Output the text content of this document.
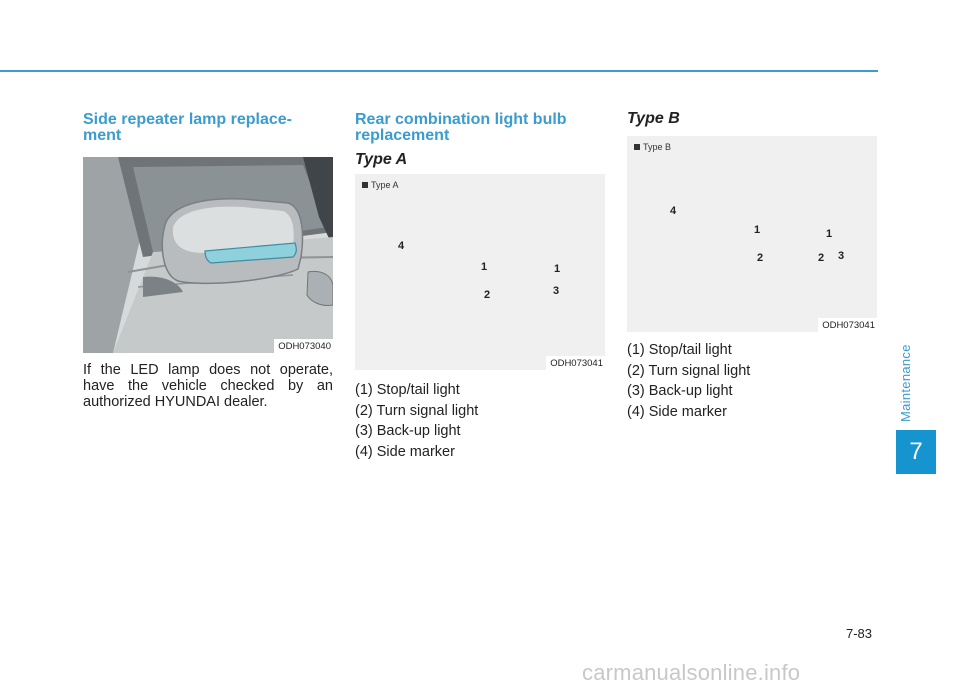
Side repeater lamp replace-
ment
ODH073040

If the LED lamp does not operate, have the vehicle checked by an authorized HYUNDAI dealer.

Rear combination light bulb
replacement
Type A
Type A
4
1	1
2	3
ODH073041
(1) Stop/tail light
(2) Turn signal light
(3) Back-up light
(4) Side marker
Type B
Type B
4
1	1
2	2 3
ODH073041
(1) Stop/tail light
(2) Turn signal light
(3) Back-up light
(4) Side marker	Maintenance
7
7-83
carmanualsonline.info
